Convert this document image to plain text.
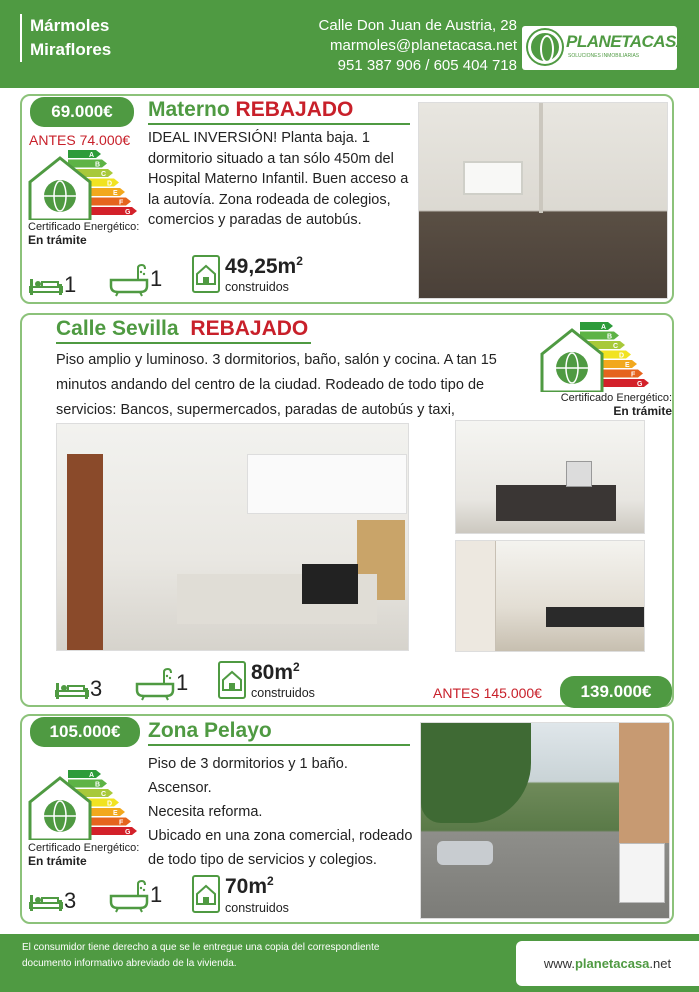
Mármoles
Miraflores
Calle Don Juan de Austria, 28
marmoles@planetacasa.net
951 387 906 / 605 404 718
PLANETACASA
SOLUCIONES INMOBILIARIAS
69.000€	Materno REBAJADO
ANTES 74.000€ IDEAL INVERSIÓN! Planta baja. 1 dormitorio situado a tan sólo 450m del Hospital Materno Infantil. Buen acceso a la autovía. Zona rodeada de colegios, comercios y paradas de autobús.
A
B
C
D
E
F
G
Certificado Energético:
En trámite
1	1	$49,25m^2$
construidos
Calle Sevilla REBAJADO
Piso amplio y luminoso. 3 dormitorios, baño, salón y cocina. A tan 15 minutos andando del centro de la ciudad. Rodeado de todo tipo de servicios: Bancos, supermercados, paradas de autobús y taxi,
A
B
C
D
E
F
G
Certificado Energético:
En trámite
3	1	$80m^2$
construidos	ANTES 145.000€	139.000€
105.000€	Zona Pelayo
Piso de 3 dormitorios y 1 baño. Ascensor.
Necesita reforma.
Ubicado en una zona comercial, rodeado
de todo tipo de servicios y colegios.
A
B
C
D
E
F
G
Certificado Energético:
En trámite
3	1	$70m^2$
construidos
El consumidor tiene derecho a que se le entregue una copia del correspondiente
documento informativo abreviado de la vivienda.	www.planetacasa.net
